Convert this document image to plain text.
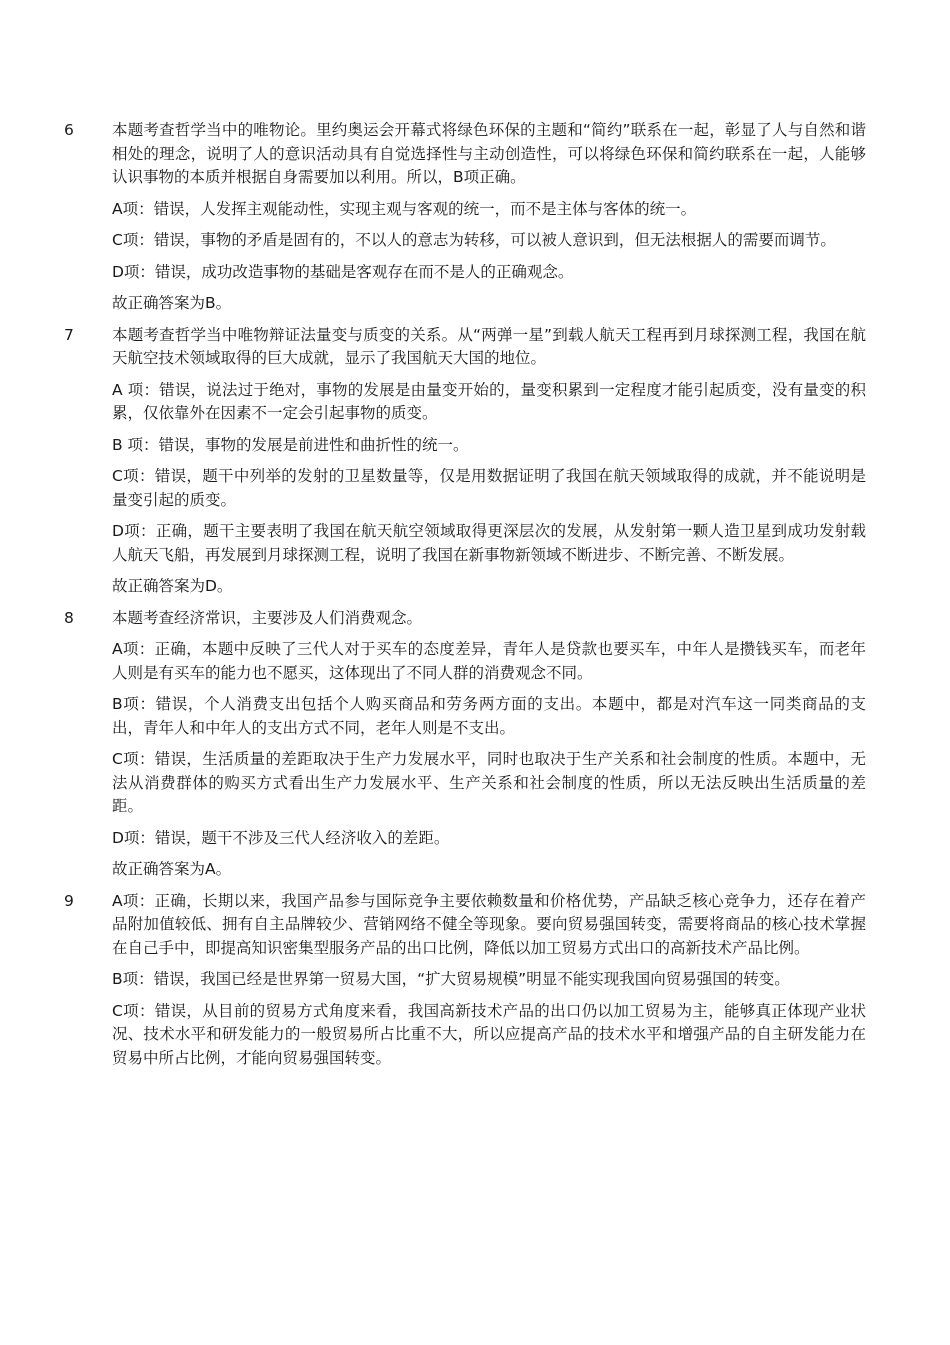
6	本题考查哲学当中的唯物论。里约奥运会开幕式将绿色环保的主题和“简约”联系在一起，彰显了人与自然和谐相处的理念，说明了人的意识活动具有自觉选择性与主动创造性，可以将绿色环保和简约联系在一起，人能够认识事物的本质并根据自身需要加以利用。所以，B项正确。

A项：错误，人发挥主观能动性，实现主观与客观的统一，而不是主体与客体的统一。

C项：错误，事物的矛盾是固有的，不以人的意志为转移，可以被人意识到，但无法根据人的需要而调节。

D项：错误，成功改造事物的基础是客观存在而不是人的正确观念。

故正确答案为B。

7	本题考查哲学当中唯物辩证法量变与质变的关系。从“两弹一星”到载人航天工程再到月球探测工程，我国在航天航空技术领域取得的巨大成就，显示了我国航天大国的地位。

A 项：错误，说法过于绝对，事物的发展是由量变开始的，量变积累到一定程度才能引起质变，没有量变的积累，仅依靠外在因素不一定会引起事物的质变。

B 项：错误，事物的发展是前进性和曲折性的统一。

C项：错误，题干中列举的发射的卫星数量等，仅是用数据证明了我国在航天领域取得的成就，并不能说明是量变引起的质变。

D项：正确，题干主要表明了我国在航天航空领域取得更深层次的发展，从发射第一颗人造卫星到成功发射载人航天飞船，再发展到月球探测工程，说明了我国在新事物新领域不断进步、不断完善、不断发展。

故正确答案为D。

8	本题考查经济常识，主要涉及人们消费观念。

A项：正确，本题中反映了三代人对于买车的态度差异，青年人是贷款也要买车，中年人是攒钱买车，而老年人则是有买车的能力也不愿买，这体现出了不同人群的消费观念不同。

B项：错误，个人消费支出包括个人购买商品和劳务两方面的支出。本题中，都是对汽车这一同类商品的支出，青年人和中年人的支出方式不同，老年人则是不支出。

C项：错误，生活质量的差距取决于生产力发展水平，同时也取决于生产关系和社会制度的性质。本题中，无法从消费群体的购买方式看出生产力发展水平、生产关系和社会制度的性质，所以无法反映出生活质量的差距。

D项：错误，题干不涉及三代人经济收入的差距。

故正确答案为A。

9	A项：正确，长期以来，我国产品参与国际竞争主要依赖数量和价格优势，产品缺乏核心竞争力，还存在着产品附加值较低、拥有自主品牌较少、营销网络不健全等现象。要向贸易强国转变，需要将商品的核心技术掌握在自己手中，即提高知识密集型服务产品的出口比例，降低以加工贸易方式出口的高新技术产品比例。

B项：错误，我国已经是世界第一贸易大国，“扩大贸易规模”明显不能实现我国向贸易强国的转变。

C项：错误，从目前的贸易方式角度来看，我国高新技术产品的出口仍以加工贸易为主，能够真正体现产业状况、技术水平和研发能力的一般贸易所占比重不大，所以应提高产品的技术水平和增强产品的自主研发能力在贸易中所占比例，才能向贸易强国转变。
